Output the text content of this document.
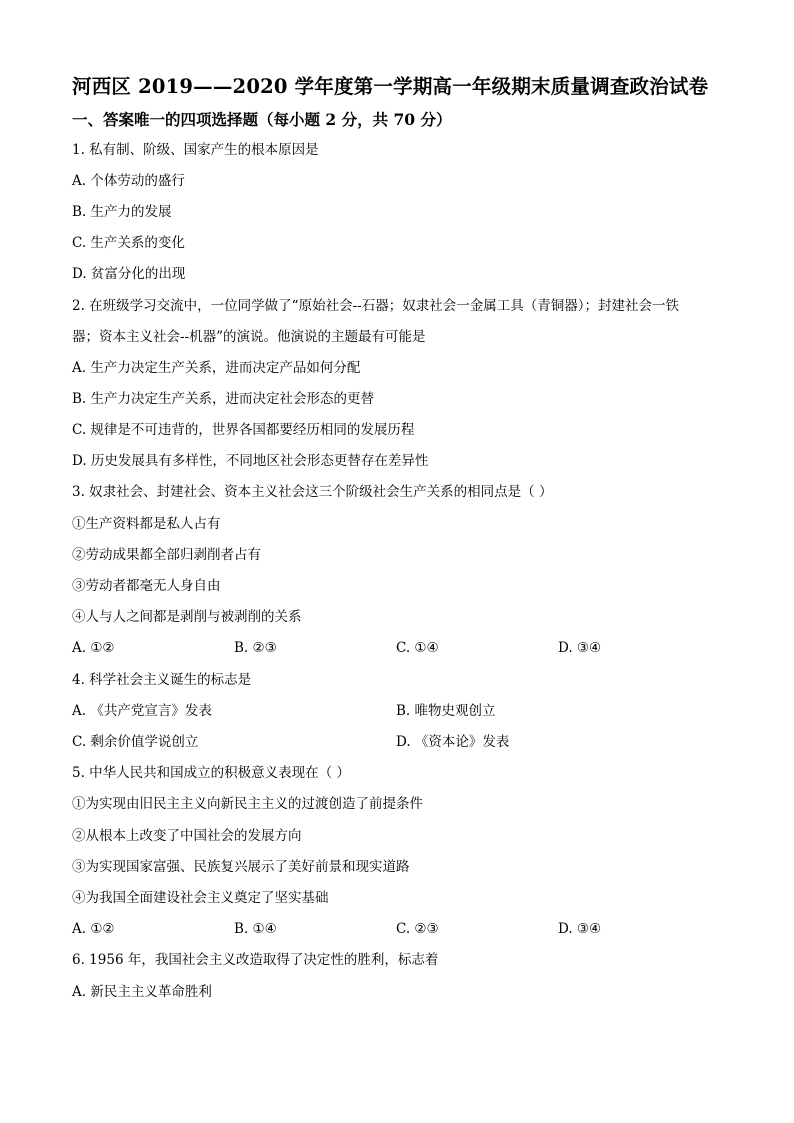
河西区 2019——2020 学年度第一学期高一年级期末质量调查政治试卷
一、答案唯一的四项选择题（每小题 2 分，共 70 分）
1. 私有制、阶级、国家产生的根本原因是
A. 个体劳动的盛行
B. 生产力的发展
C. 生产关系的变化
D. 贫富分化的出现
2. 在班级学习交流中，一位同学做了“原始社会--石器；奴隶社会一金属工具（青铜器）；封建社会一铁
器；资本主义社会--机器”的演说。他演说的主题最有可能是
A. 生产力决定生产关系，进而决定产品如何分配
B. 生产力决定生产关系，进而决定社会形态的更替
C. 规律是不可违背的，世界各国都要经历相同的发展历程
D. 历史发展具有多样性，不同地区社会形态更替存在差异性
3. 奴隶社会、封建社会、资本主义社会这三个阶级社会生产关系的相同点是（ ）
①生产资料都是私人占有
②劳动成果都全部归剥削者占有
③劳动者都毫无人身自由
④人与人之间都是剥削与被剥削的关系
A. ①②	B. ②③	C. ①④	D. ③④
4. 科学社会主义诞生的标志是
A. 《共产党宣言》发表	B. 唯物史观创立
C. 剩余价值学说创立	D. 《资本论》发表
5. 中华人民共和国成立的积极意义表现在（ ）
①为实现由旧民主主义向新民主主义的过渡创造了前提条件
②从根本上改变了中国社会的发展方向
③为实现国家富强、民族复兴展示了美好前景和现实道路
④为我国全面建设社会主义奠定了坚实基础
A. ①②	B. ①④	C. ②③	D. ③④
6. 1956 年，我国社会主义改造取得了决定性的胜利，标志着
A. 新民主主义革命胜利
